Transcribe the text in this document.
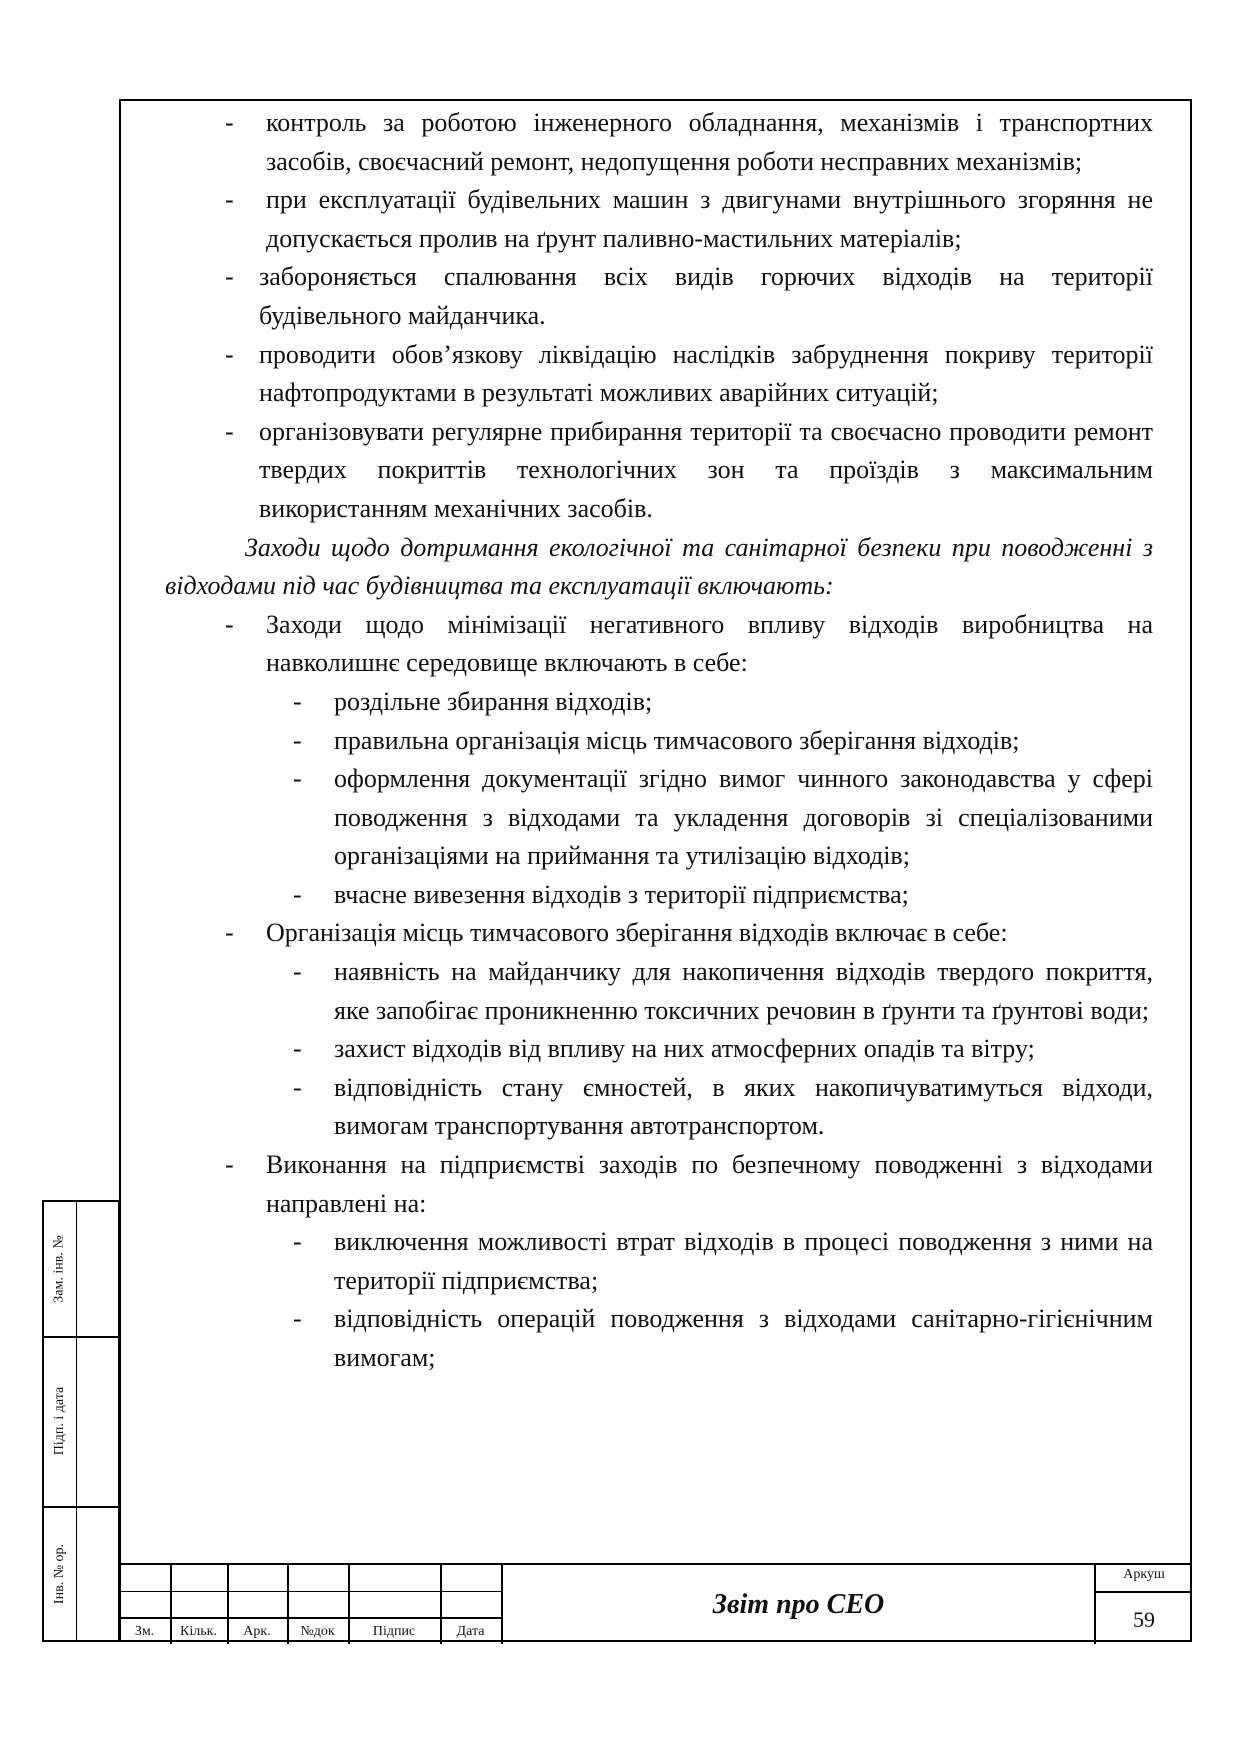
- контроль за роботою інженерного обладнання, механізмів і транспортних засобів, своєчасний ремонт, недопущення роботи несправних механізмів;
- при експлуатації будівельних машин з двигунами внутрішнього згоряння не допускається пролив на ґрунт паливно-мастильних матеріалів;
- забороняється спалювання всіх видів горючих відходів на території будівельного майданчика.
- проводити обов’язкову ліквідацію наслідків забруднення покриву території нафтопродуктами в результаті можливих аварійних ситуацій;
- організовувати регулярне прибирання території та своєчасно проводити ремонт твердих покриттів технологічних зон та проїздів з максимальним використанням механічних засобів.
Заходи щодо дотримання екологічної та санітарної безпеки при поводженні з відходами під час будівництва та експлуатації включають:
- Заходи щодо мінімізації негативного впливу відходів виробництва на навколишнє середовище включають в себе:
- роздільне збирання відходів;
- правильна організація місць тимчасового зберігання відходів;
- оформлення документації згідно вимог чинного законодавства у сфері поводження з відходами та укладення договорів зі спеціалізованими організаціями на приймання та утилізацію відходів;
- вчасне вивезення відходів з території підприємства;
- Організація місць тимчасового зберігання відходів включає в себе:
- наявність на майданчику для накопичення відходів твердого покриття, яке запобігає проникненню токсичних речовин в ґрунти та ґрунтові води;
- захист відходів від впливу на них атмосферних опадів та вітру;
- відповідність стану ємностей, в яких накопичуватимуться відходи, вимогам транспортування автотранспортом.
- Виконання на підприємстві заходів по безпечному поводженні з відходами направлені на:
- виключення можливості втрат відходів в процесі поводження з ними на території підприємства;
- відповідність операцій поводження з відходами санітарно-гігієнічним вимогам;
Зам. інв. №
Підп. і дата
Інв. № ор.
Зм.	Кільк.	Арк.	№док	Підпис	Дата
Звіт про СЕО
Аркуш
59
